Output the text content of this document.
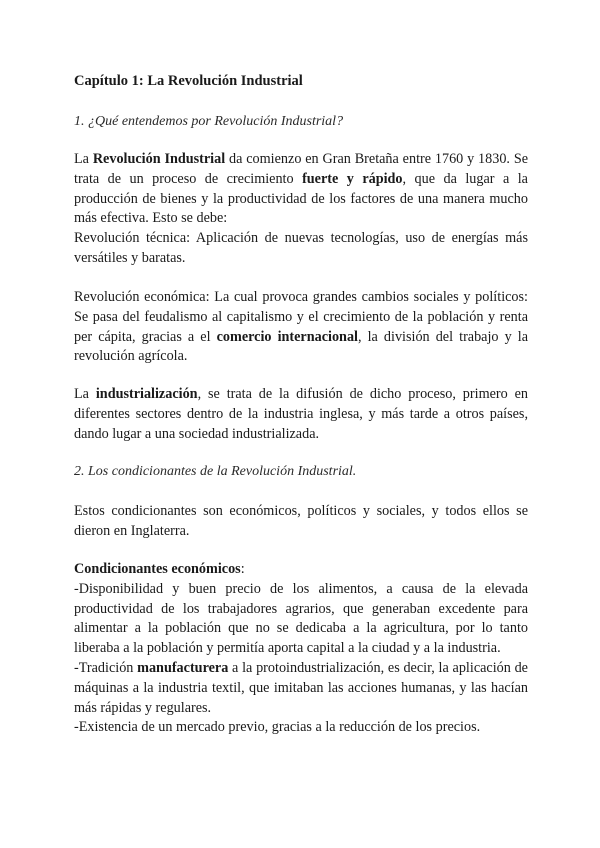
Capítulo 1: La Revolución Industrial
1. ¿Qué entendemos por Revolución Industrial?

La Revolución Industrial da comienzo en Gran Bretaña entre 1760 y 1830. Se trata de un proceso de crecimiento fuerte y rápido, que da lugar a la producción de bienes y la productividad de los factores de una manera mucho más efectiva. Esto se debe:

Revolución técnica: Aplicación de nuevas tecnologías, uso de energías más versátiles y baratas.

Revolución económica: La cual provoca grandes cambios sociales y políticos: Se pasa del feudalismo al capitalismo y el crecimiento de la población y renta per cápita, gracias a el comercio internacional, la división del trabajo y la revolución agrícola.

La industrialización, se trata de la difusión de dicho proceso, primero en diferentes sectores dentro de la industria inglesa, y más tarde a otros países, dando lugar a una sociedad industrializada.

2. Los condicionantes de la Revolución Industrial.

Estos condicionantes son económicos, políticos y sociales, y todos ellos se dieron en Inglaterra.

Condicionantes económicos:
-Disponibilidad y buen precio de los alimentos, a causa de la elevada productividad de los trabajadores agrarios, que generaban excedente para alimentar a la población que no se dedicaba a la agricultura, por lo tanto liberaba a la población y permitía aporta capital a la ciudad y a la industria.
-Tradición manufacturera a la protoindustrialización, es decir, la aplicación de máquinas a la industria textil, que imitaban las acciones humanas, y las hacían más rápidas y regulares.
-Existencia de un mercado previo, gracias a la reducción de los precios.
